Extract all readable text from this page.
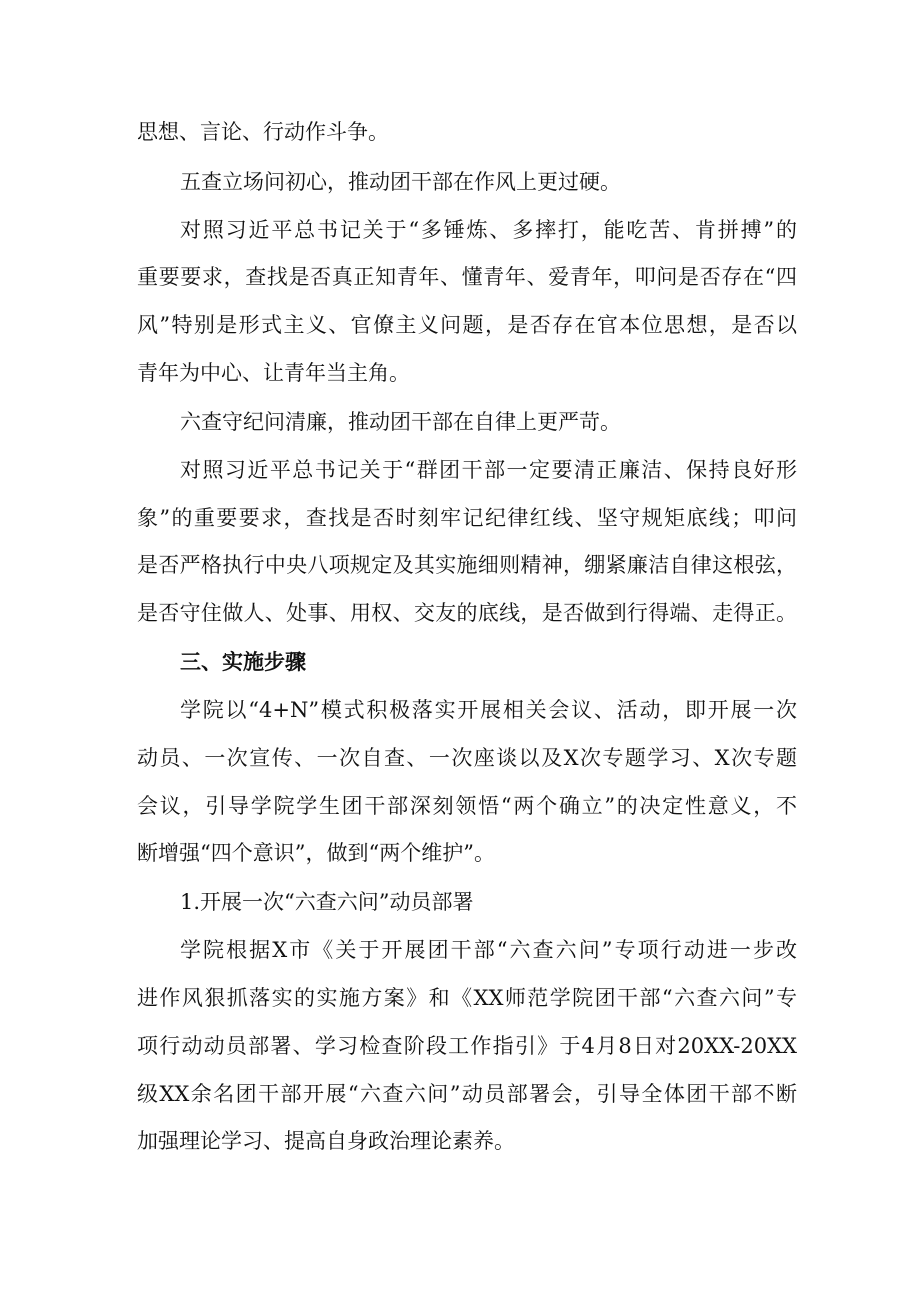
思想、言论、行动作斗争。
五查立场问初心，推动团干部在作风上更过硬。
对照习近平总书记关于“多锤炼、多摔打，能吃苦、肯拼搏”的
重要要求，查找是否真正知青年、懂青年、爱青年，叩问是否存在“四
风”特别是形式主义、官僚主义问题，是否存在官本位思想，是否以
青年为中心、让青年当主角。
六查守纪问清廉，推动团干部在自律上更严苛。
对照习近平总书记关于“群团干部一定要清正廉洁、保持良好形
象”的重要要求，查找是否时刻牢记纪律红线、坚守规矩底线；叩问
是否严格执行中央八项规定及其实施细则精神，绷紧廉洁自律这根弦，
是否守住做人、处事、用权、交友的底线，是否做到行得端、走得正。
三、实施步骤
学院以“4+N”模式积极落实开展相关会议、活动，即开展一次
动员、一次宣传、一次自查、一次座谈以及X次专题学习、X次专题
会议，引导学院学生团干部深刻领悟“两个确立”的决定性意义，不
断增强“四个意识”，做到“两个维护”。
1.开展一次“六查六问”动员部署
学院根据X市《关于开展团干部“六查六问”专项行动进一步改
进作风狠抓落实的实施方案》和《XX师范学院团干部“六查六问”专
项行动动员部署、学习检查阶段工作指引》于4月8日对20XX-20XX
级XX余名团干部开展“六查六问”动员部署会，引导全体团干部不断
加强理论学习、提高自身政治理论素养。
